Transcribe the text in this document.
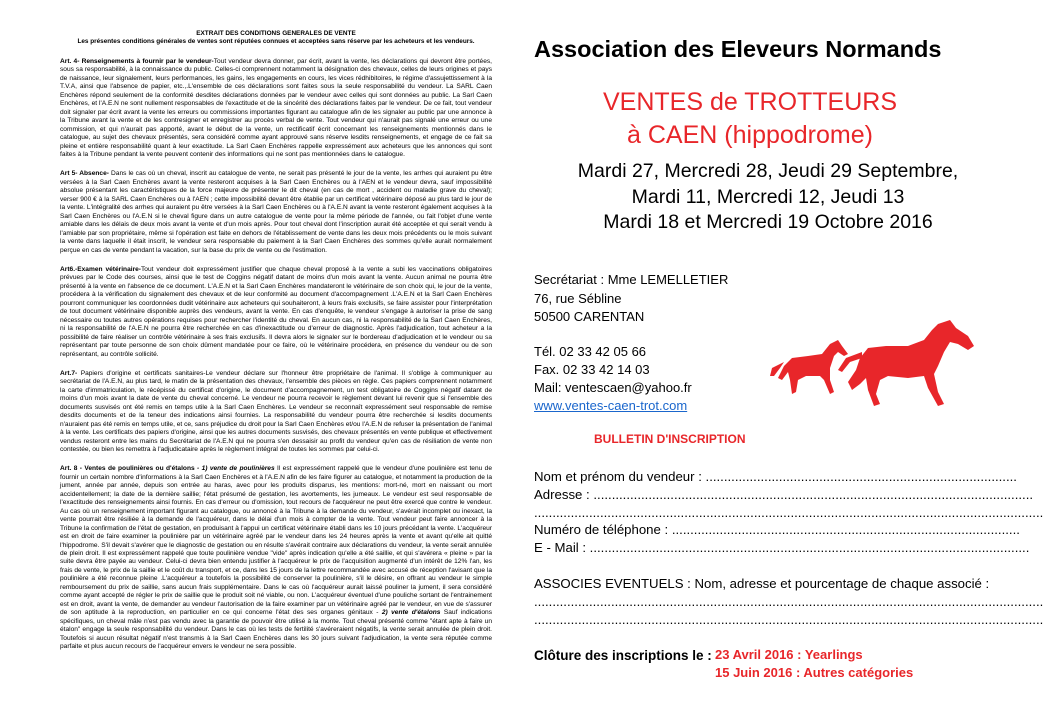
EXTRAIT DES CONDITIONS GENERALES DE VENTE
Les présentes conditions générales de ventes sont réputées connues et acceptées sans réserve par les acheteurs et les vendeurs.

Art. 4- Renseignements à fournir par le vendeur-Tout vendeur devra donner, par écrit, avant la vente, les déclarations qui devront être portées, sous sa responsabilité, à la connaissance du public. Celles-ci comprennent notamment la désignation des chevaux, celles de leurs origines et pays de naissance, leur signalement, leurs performances, les gains, les engagements en cours, les vices rédhibitoires, le régime d'assujettissement à la T.V.A, ainsi que l'absence de papier, etc.,.L'ensemble de ces déclarations sont faites sous la seule responsabilité du vendeur. La SARL Caen Enchères répond seulement de la conformité desdites déclarations données par le vendeur avec celles qui sont données au public. La Sarl Caen Enchères, et l'A.E.N ne sont nullement responsables de l'exactitude et de la sincérité des déclarations faites par le vendeur. De ce fait, tout vendeur doit signaler par écrit avant la vente les erreurs ou commissions importantes figurant au catalogue afin de les signaler au public par une annonce à la Tribune avant la vente et de les contresigner et enregistrer au procès verbal de vente. Tout vendeur qui n'aurait pas signalé une erreur ou une commission, et qui n'aurait pas apporté, avant le début de la vente, un rectificatif écrit concernant les renseignements mentionnés dans le catalogue, au sujet des chevaux présentés, sera considéré comme ayant approuvé sans réserve lesdits renseignements, et engage de ce fait sa pleine et entière responsabilité quant à leur exactitude. La Sarl Caen Enchères rappelle expressément aux acheteurs que les annonces qui sont faites à la Tribune pendant la vente peuvent contenir des informations qui ne sont pas mentionnées dans le catalogue.

Art 5- Absence- Dans le cas où un cheval, inscrit au catalogue de vente, ne serait pas présenté le jour de la vente, les arrhes qui auraient pu être versées à la Sarl Caen Enchères avant la vente resteront acquises à la Sarl Caen Enchères ou à l'AEN et le vendeur devra, sauf impossibilité absolue présentant les caractéristiques de la force majeure de présenter le dit cheval (en cas de mort , accident ou maladie grave du cheval); verser 900 € à la SARL Caen Enchères ou à l'AEN ; cette impossibilité devant être établie par un certificat vétérinaire déposé au plus tard le jour de la vente. L'intégralité des arrhes qui auraient pu être versées à la Sarl Caen Enchères ou à l'A.E.N avant la vente resteront également acquises à la Sarl Caen Enchères ou l'A.E.N si le cheval figure dans un autre catalogue de vente pour la même période de l'année, ou fait l'objet d'une vente amiable dans les délais de deux mois avant la vente et d'un mois après. Pour tout cheval dont l'inscription aurait été acceptée et qui serait vendu à l'amiable par son propriétaire, même si l'opération est faite en dehors de l'établissement de vente dans les deux mois précédents ou le mois suivant la vente dans laquelle il était inscrit, le vendeur sera responsable du paiement à la Sarl Caen Enchères des sommes qu'elle aurait normalement perçue en cas de vente pendant la vacation, sur la base du prix de vente ou de l'estimation.

Art6.-Examen vétérinaire-Tout vendeur doit expressément justifier que chaque cheval proposé à la vente a subi les vaccinations obligatoires prévues par le Code des courses, ainsi que le test de Coggins négatif datant de moins d'un mois avant la vente. Aucun animal ne pourra être présenté à la vente en l'absence de ce document. L'A.E.N et la Sarl Caen Enchères mandateront le vétérinaire de son choix qui, le jour de la vente, procédera à la vérification du signalement des chevaux et de leur conformité au document d'accompagnement .L'A.E.N et la Sarl Caen Enchères pourront communiquer les coordonnées dudit vétérinaire aux acheteurs qui souhaiteront, à leurs frais exclusifs, se faire assister pour l'interprétation de tout document vétérinaire disponible auprès des vendeurs, avant la vente. En cas d'enquête, le vendeur s'engage à autoriser la prise de sang nécessaire ou toutes autres opérations requises pour rechercher l'identité du cheval. En aucun cas, ni la responsabilité de la Sarl Caen Enchères, ni la responsabilité de l'A.E.N ne pourra être recherchée en cas d'inexactitude ou d'erreur de diagnostic. Après l'adjudication, tout acheteur a la possibilité de faire réaliser un contrôle vétérinaire à ses frais exclusifs. Il devra alors le signaler sur le bordereau d'adjudication et le vendeur ou sa représentant par toute personne de son choix dûment mandatée pour ce faire, où le vétérinaire procédera, en présence du vendeur ou de son représentant, au contrôle sollicité.

Art.7- Papiers d'origine et certificats sanitaires-Le vendeur déclare sur l'honneur être propriétaire de l'animal. Il s'oblige à communiquer au secrétariat de l'A.E.N, au plus tard, le matin de la présentation des chevaux, l'ensemble des pièces en règle. Ces papiers comprennent notamment la carte d'immatriculation, le récépissé du certificat d'origine, le document d'accompagnement, un test obligatoire de Coggins négatif datant de moins d'un mois avant la date de vente du cheval concerné. Le vendeur ne pourra recevoir le règlement devant lui revenir que si l'ensemble des documents susvisés ont été remis en temps utile à la Sarl Caen Enchères. Le vendeur se reconnaît expressément seul responsable de remise desdits documents et de la teneur des indications ainsi fournies. La responsabilité du vendeur pourra être recherchée si lesdits documents n'auraient pas été remis en temps utile, et ce, sans préjudice du droit pour la Sarl Caen Enchères et/ou l'A.E.N de refuser la présentation de l'animal à la vente. Les certificats des papiers d'origine, ainsi que les autres documents susvisés, des chevaux présentés en vente publique et effectivement vendus resteront entre les mains du Secrétariat de l'A.E.N qui ne pourra s'en dessaisir au profit du vendeur qu'en cas de résiliation de vente non contestée, ou bien les remettra à l'adjudicataire après le règlement intégral de toutes les sommes par celui-ci.

Art. 8 - Ventes de poulinières ou d'étalons - 1) vente de poulinières Il est expressément rappelé que le vendeur d'une poulinière est tenu de fournir un certain nombre d'informations à la Sarl Caen Enchères et à l'A.E.N afin de les faire figurer au catalogue, et notamment la production de la jument, année par année, depuis son entrée au haras, avec pour les produits disparus, les mentions: mort-né, mort en naissant ou mort accidentellement; la date de la dernière saillie; l'état présumé de gestation, les avortements, les jumeaux. Le vendeur est seul responsable de l'exactitude des renseignements ainsi fournis. En cas d'erreur ou d'omission, tout recours de l'acquéreur ne peut être exercé que contre le vendeur. Au cas où un renseignement important figurant au catalogue, ou annoncé à la Tribune à la demande du vendeur, s'avérait incomplet ou inexact, la vente pourrait être résiliée à la demande de l'acquéreur, dans le délai d'un mois à compter de la vente. Tout vendeur peut faire annoncer à la Tribune la confirmation de l'état de gestation, en produisant à l'appui un certificat vétérinaire établi dans les 10 jours précédant la vente. L'acquéreur est en droit de faire examiner la poulinière par un vétérinaire agréé par le vendeur dans les 24 heures après la vente et avant qu'elle ait quitté l'hippodrome. S'il devait s'avérer que le diagnostic de gestation ou en résulte s'avérait contraire aux déclarations du vendeur, la vente serait annulée de plein droit. Il est expressément rappelé que toute poulinière vendue "vide" après indication qu'elle a été saillie, et qui s'avérera « pleine » par la suite devra être payée au vendeur. Celui-ci devra bien entendu justifier à l'acquéreur le prix de l'acquisition augmenté d'un intérêt de 12% l'an, les frais de vente, le prix de la saillie et le coût du transport, et ce, dans les 15 jours de la lettre recommandée avec accusé de réception l'avisant que la poulinière a été reconnue pleine .L'acquéreur a toutefois la possibilité de conserver la poulinière, s'il le désire, en offrant au vendeur le simple remboursement du prix de saillie, sans aucun frais supplémentaire. Dans le cas où l'acquéreur aurait laissé pouliner la jument, il sera considéré comme ayant accepté de régler le prix de saillie que le produit soit né viable, ou non. L'acquéreur éventuel d'une pouliche sortant de l'entrainement est en droit, avant la vente, de demander au vendeur l'autorisation de la faire examiner par un vétérinaire agréé par le vendeur, en vue de s'assurer de son aptitude à la reproduction, en particulier en ce qui concerne l'état des ses organes génitaux - 2) vente d'étalons Sauf indications spécifiques, un cheval mâle n'est pas vendu avec la garantie de pouvoir être utilisé à la monte. Tout cheval présenté comme "étant apte à faire un étalon" engage la seule responsabilité du vendeur. Dans le cas où les tests de fertilité s'avéreraient négatifs, la vente serait annulée de plein droit. Toutefois si aucun résultat négatif n'est transmis à la Sarl Caen Enchères dans les 30 jours suivant l'adjudication, la vente sera réputée comme parfaite et plus aucun recours de l'acquéreur envers le vendeur ne sera possible.

Association des Eleveurs Normands
VENTES de TROTTEURS
à CAEN (hippodrome)
Mardi 27, Mercredi 28, Jeudi 29 Septembre,
Mardi 11, Mercredi 12, Jeudi 13
Mardi 18 et Mercredi 19 Octobre 2016
Secrétariat : Mme LEMELLETIER
76, rue Sébline
50500 CARENTAN
Tél. 02 33 42 05 66
Fax. 02 33 42 14 03
Mail: ventescaen@yahoo.fr
www.ventes-caen-trot.com
BULLETIN D'INSCRIPTION
Nom et prénom du vendeur : .....................................................................................
Adresse : ........................................................................................................................
...........................................................................................................................................
Numéro de téléphone : ...............................................................................................
E - Mail : ........................................................................................................................
ASSOCIES EVENTUELS : Nom, adresse et pourcentage de chaque associé :
...........................................................................................................................................
...........................................................................................................................................
Clôture des inscriptions le : 23 Avril 2016 : Yearlings
15 Juin 2016 : Autres catégories
